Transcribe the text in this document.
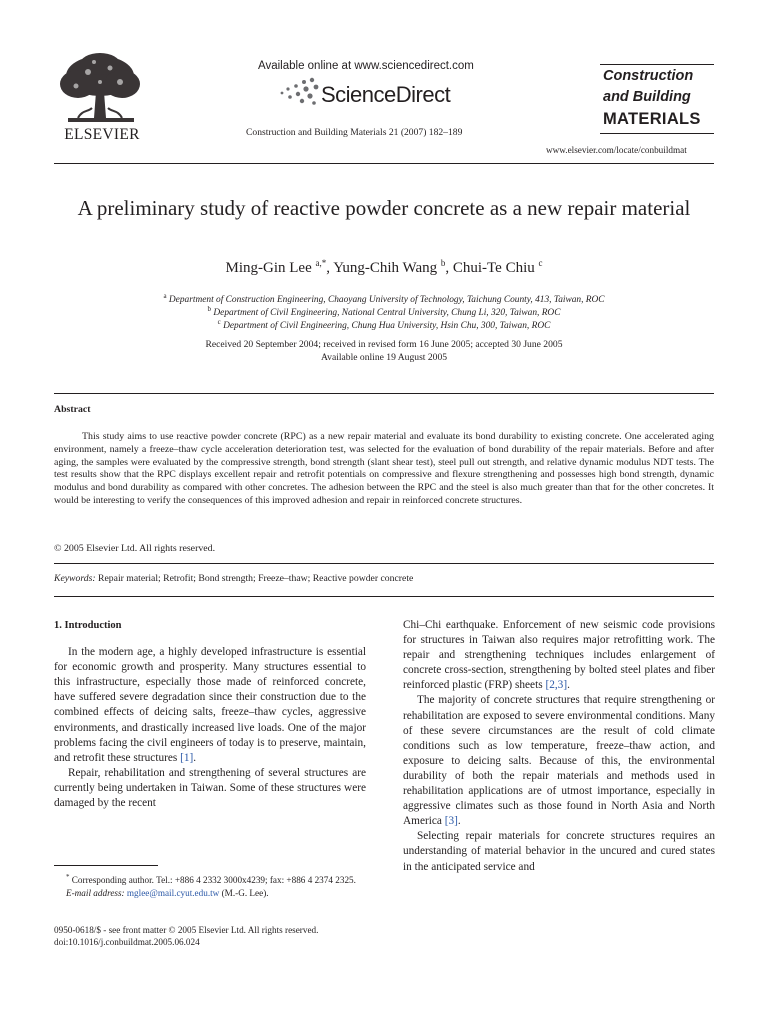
ELSEVIER
Available online at www.sciencedirect.com
ScienceDirect
Construction and Building Materials 21 (2007) 182–189
Construction
and Building
MATERIALS
www.elsevier.com/locate/conbuildmat
A preliminary study of reactive powder concrete as a new repair material
Ming-Gin Lee $^{a,*}$, Yung-Chih Wang $^b$, Chui-Te Chiu $^c$
$^a$ Department of Construction Engineering, Chaoyang University of Technology, Taichung County, 413, Taiwan, ROC
$^b$ Department of Civil Engineering, National Central University, Chung Li, 320, Taiwan, ROC
$^c$ Department of Civil Engineering, Chung Hua University, Hsin Chu, 300, Taiwan, ROC
Received 20 September 2004; received in revised form 16 June 2005; accepted 30 June 2005
Available online 19 August 2005
Abstract
This study aims to use reactive powder concrete (RPC) as a new repair material and evaluate its bond durability to existing concrete. One accelerated aging environment, namely a freeze–thaw cycle acceleration deterioration test, was selected for the evaluation of bond durability of the repair materials. Before and after aging, the samples were evaluated by the compressive strength, bond strength (slant shear test), steel pull out strength, and relative dynamic modulus NDT tests. The test results show that the RPC displays excellent repair and retrofit potentials on compressive and flexure strengthening and possesses high bond strength, dynamic modulus and bond durability as compared with other concretes. The adhesion between the RPC and the steel is also much greater than that for the other concretes. It would be interesting to verify the consequences of this improved adhesion and repair in reinforced concrete structures.
© 2005 Elsevier Ltd. All rights reserved.
Keywords: Repair material; Retrofit; Bond strength; Freeze–thaw; Reactive powder concrete
1. Introduction

In the modern age, a highly developed infrastructure is essential for economic growth and prosperity. Many structures essential to this infrastructure, especially those made of reinforced concrete, have suffered severe degradation since their construction due to the combined effects of deicing salts, freeze–thaw cycles, aggressive environments, and drastically increased live loads. One of the major problems facing the civil engineers of today is to preserve, maintain, and retrofit these structures [1].

Repair, rehabilitation and strengthening of several structures are currently being undertaken in Taiwan. Some of these structures were damaged by the recent

Chi–Chi earthquake. Enforcement of new seismic code provisions for structures in Taiwan also requires major retrofitting work. The repair and strengthening techniques includes enlargement of concrete cross-section, strengthening by bolted steel plates and fiber reinforced plastic (FRP) sheets [2,3].

The majority of concrete structures that require strengthening or rehabilitation are exposed to severe environmental conditions. Many of these severe circumstances are the result of cold climate conditions such as low temperature, freeze–thaw action, and exposure to deicing salts. Because of this, the environmental durability of both the repair materials and methods used in rehabilitation applications are of utmost importance, especially in aggressive climates such as those found in North Asia and North America [3].

Selecting repair materials for concrete structures requires an understanding of material behavior in the uncured and cured states in the anticipated service and

* Corresponding author. Tel.: +886 4 2332 3000x4239; fax: +886 4 2374 2325.
E-mail address: mglee@mail.cyut.edu.tw (M.-G. Lee).
0950-0618/$ - see front matter © 2005 Elsevier Ltd. All rights reserved.
doi:10.1016/j.conbuildmat.2005.06.024
